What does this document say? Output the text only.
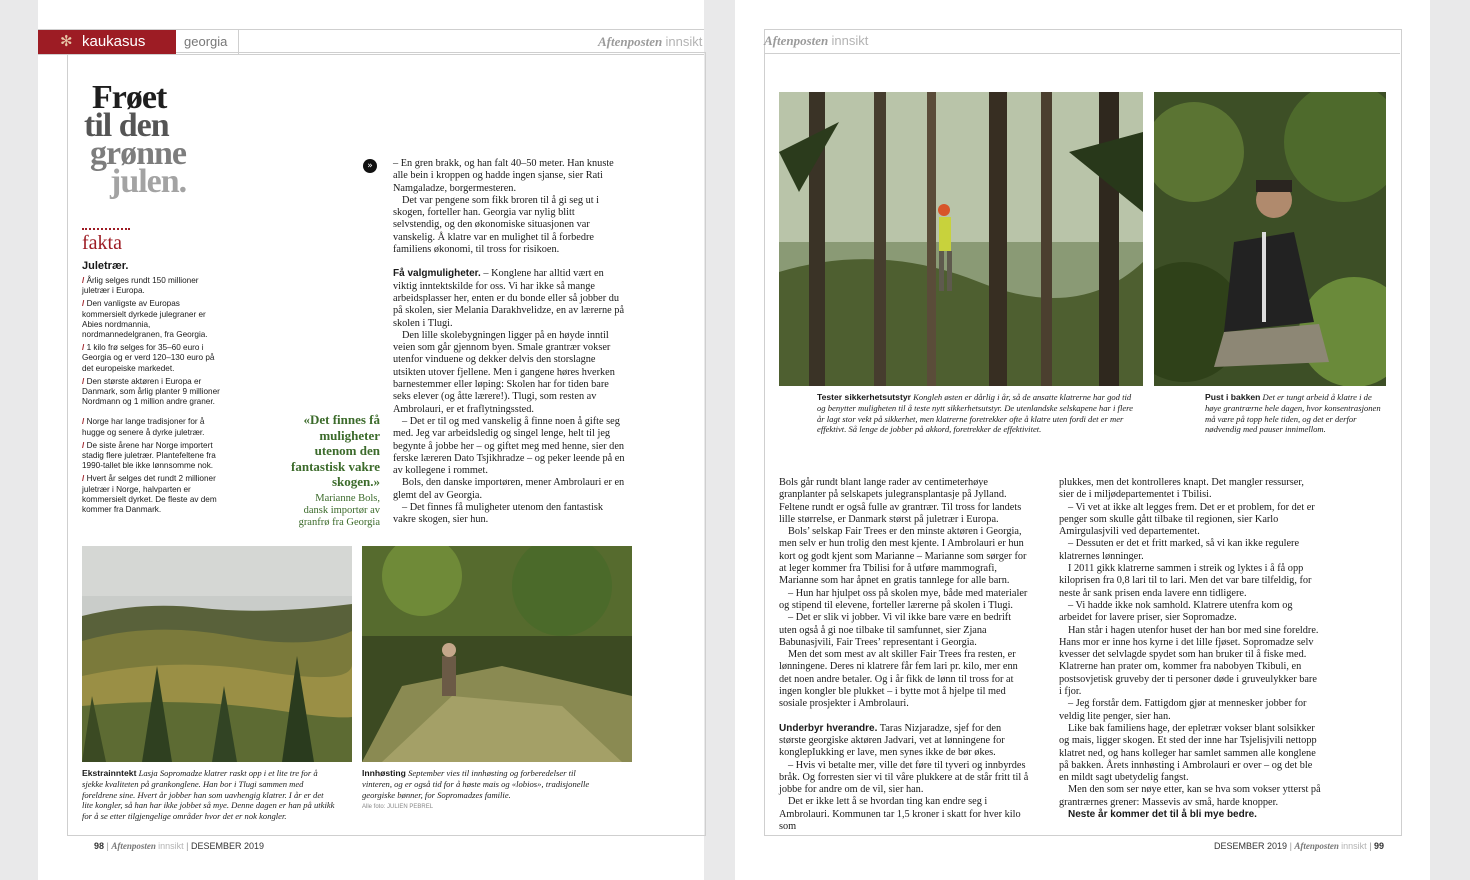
✻ kaukasus	georgia	Aftenposten innsikt
Frøet
til den
grønne
julen.
fakta
Juletrær.
/ Årlig selges rundt 150 millioner juletrær i Europa.
/ Den vanligste av Europas kommersielt dyrkede julegraner er Abies nordmannia, nordmannedelgranen, fra Georgia.
/ 1 kilo frø selges for 35–60 euro i Georgia og er verd 120–130 euro på det europeiske markedet.
/ Den største aktøren i Europa er Danmark, som årlig planter 9 millioner Nordmann og 1 million andre graner.
/ Norge har lange tradisjoner for å hugge og senere å dyrke juletrær.
/ De siste årene har Norge importert stadig flere juletrær. Plantefeltene fra 1990-tallet ble ikke lønnsomme nok.
/ Hvert år selges det rundt 2 millioner juletrær i Norge, halvparten er kommersielt dyrket. De fleste av dem kommer fra Danmark.
»
«Det finnes få muligheter utenom den fantastisk vakre skogen.»
Marianne Bols,
dansk importør av granfrø fra Georgia

– En gren brakk, og han falt 40–50 meter. Han knuste alle bein i kroppen og hadde ingen sjanse, sier Rati Namgaladze, borgermesteren.

Det var pengene som fikk broren til å gi seg ut i skogen, forteller han. Georgia var nylig blitt selvstendig, og den økonomiske situasjonen var vanskelig. Å klatre var en mulighet til å forbedre familiens økonomi, til tross for risikoen.

Få valgmuligheter. – Konglene har alltid vært en viktig inntektskilde for oss. Vi har ikke så mange arbeidsplasser her, enten er du bonde eller så jobber du på skolen, sier Melania Darakhvelidze, en av lærerne på skolen i Tlugi.

Den lille skolebygningen ligger på en høyde inntil veien som går gjennom byen. Smale grantrær vokser utenfor vinduene og dekker delvis den storslagne utsikten utover fjellene. Men i gangene høres hverken barnestemmer eller løping: Skolen har for tiden bare seks elever (og åtte lærere!). Tlugi, som resten av Ambrolauri, er et fraflytningssted.

– Det er til og med vanskelig å finne noen å gifte seg med. Jeg var arbeidsledig og singel lenge, helt til jeg begynte å jobbe her – og giftet meg med henne, sier den ferske læreren Dato Tsjikhradze – og peker leende på en av kollegene i rommet.

Bols, den danske importøren, mener Ambrolauri er en glemt del av Georgia.

– Det finnes få muligheter utenom den fantastisk vakre skogen, sier hun.

Ekstrainntekt Lasja Sopromadze klatrer raskt opp i et lite tre for å sjekke kvaliteten på grankonglene. Han bor i Tlugi sammen med foreldrene sine. Hvert år jobber han som uavhengig klatrer. I år er det lite kongler, så han har ikke jobbet så mye. Denne dagen er han på utkikk for å se etter tilgjengelige områder hvor det er nok kongler.
Innhøsting September vies til innhøsting og forberedelser til vinteren, og er også tid for å høste mais og «lobios», tradisjonelle georgiske bønner, for Sopromadzes familie.
Alle foto: JULIEN PEBREL
98 | Aftenposten innsikt | DESEMBER 2019
Aftenposten innsikt
Tester sikkerhetsutstyr Kongleh østen er dårlig i år, så de ansatte klatrerne har god tid og benytter muligheten til å teste nytt sikkerhetsutstyr. De utenlandske selskapene har i flere år lagt stor vekt på sikkerhet, men klatrerne foretrekker ofte å klatre uten fordi det er mer effektivt. Så lenge de jobber på akkord, foretrekker de effektivitet.
Pust i bakken Det er tungt arbeid å klatre i de høye grantrærne hele dagen, hvor konsentrasjonen må være på topp hele tiden, og det er derfor nødvendig med pauser innimellom.

Bols går rundt blant lange rader av centimeterhøye granplanter på selskapets julegransplantasje på Jylland. Feltene rundt er også fulle av grantrær. Til tross for landets lille størrelse, er Danmark størst på juletrær i Europa.

Bols’ selskap Fair Trees er den minste aktøren i Georgia, men selv er hun trolig den mest kjente. I Ambrolauri er hun kort og godt kjent som Marianne – Marianne som sørger for at leger kommer fra Tbilisi for å utføre mammografi, Marianne som har åpnet en gratis tannlege for alle barn.

– Hun har hjulpet oss på skolen mye, både med materialer og stipend til elevene, forteller lærerne på skolen i Tlugi.

– Det er slik vi jobber. Vi vil ikke bare være en bedrift uten også å gi noe tilbake til samfunnet, sier Zjana Babunasjvili, Fair Trees’ representant i Georgia.

Men det som mest av alt skiller Fair Trees fra resten, er lønningene. Deres ni klatrere får fem lari pr. kilo, mer enn det noen andre betaler. Og i år fikk de lønn til tross for at ingen kongler ble plukket – i bytte mot å hjelpe til med sosiale prosjekter i Ambrolauri.

Underbyr hverandre. Taras Nizjaradze, sjef for den største georgiske aktøren Jadvari, vet at lønningene for konglepIukking er lave, men synes ikke de bør økes.

– Hvis vi betalte mer, ville det føre til tyveri og innbyrdes bråk. Og forresten sier vi til våre plukkere at de står fritt til å jobbe for andre om de vil, sier han.

Det er ikke lett å se hvordan ting kan endre seg i Ambrolauri. Kommunen tar 1,5 kroner i skatt for hver kilo som

plukkes, men det kontrolleres knapt. Det mangler ressurser, sier de i miljødepartementet i Tbilisi.

– Vi vet at ikke alt legges frem. Det er et problem, for det er penger som skulle gått tilbake til regionen, sier Karlo Amirgulasjvili ved departementet.

– Dessuten er det et fritt marked, så vi kan ikke regulere klatrernes lønninger.

I 2011 gikk klatrerne sammen i streik og lyktes i å få opp kiloprisen fra 0,8 lari til to lari. Men det var bare tilfeldig, for neste år sank prisen enda lavere enn tidligere.

– Vi hadde ikke nok samhold. Klatrere utenfra kom og arbeidet for lavere priser, sier Sopromadze.

Han står i hagen utenfor huset der han bor med sine foreldre. Hans mor er inne hos kyrne i det lille fjøset. Sopromadze selv kvesser det selvlagde spydet som han bruker til å fiske med. Klatrerne han prater om, kommer fra nabobyen Tkibuli, en postsovjetisk gruveby der ti personer døde i gruveulykker bare i fjor.

– Jeg forstår dem. Fattigdom gjør at mennesker jobber for veldig lite penger, sier han.

Like bak familiens hage, der epletrær vokser blant solsikker og mais, ligger skogen. Et sted der inne har Tsjelisjvili nettopp klatret ned, og hans kolleger har samlet sammen alle konglene på bakken. Årets innhøsting i Ambrolauri er over – og det ble en mildt sagt ubetydelig fangst.

Men den som ser nøye etter, kan se hva som vokser ytterst på grantrærnes grener: Massevis av små, harde knopper.

Neste år kommer det til å bli mye bedre.

DESEMBER 2019 | Aftenposten innsikt | 99
